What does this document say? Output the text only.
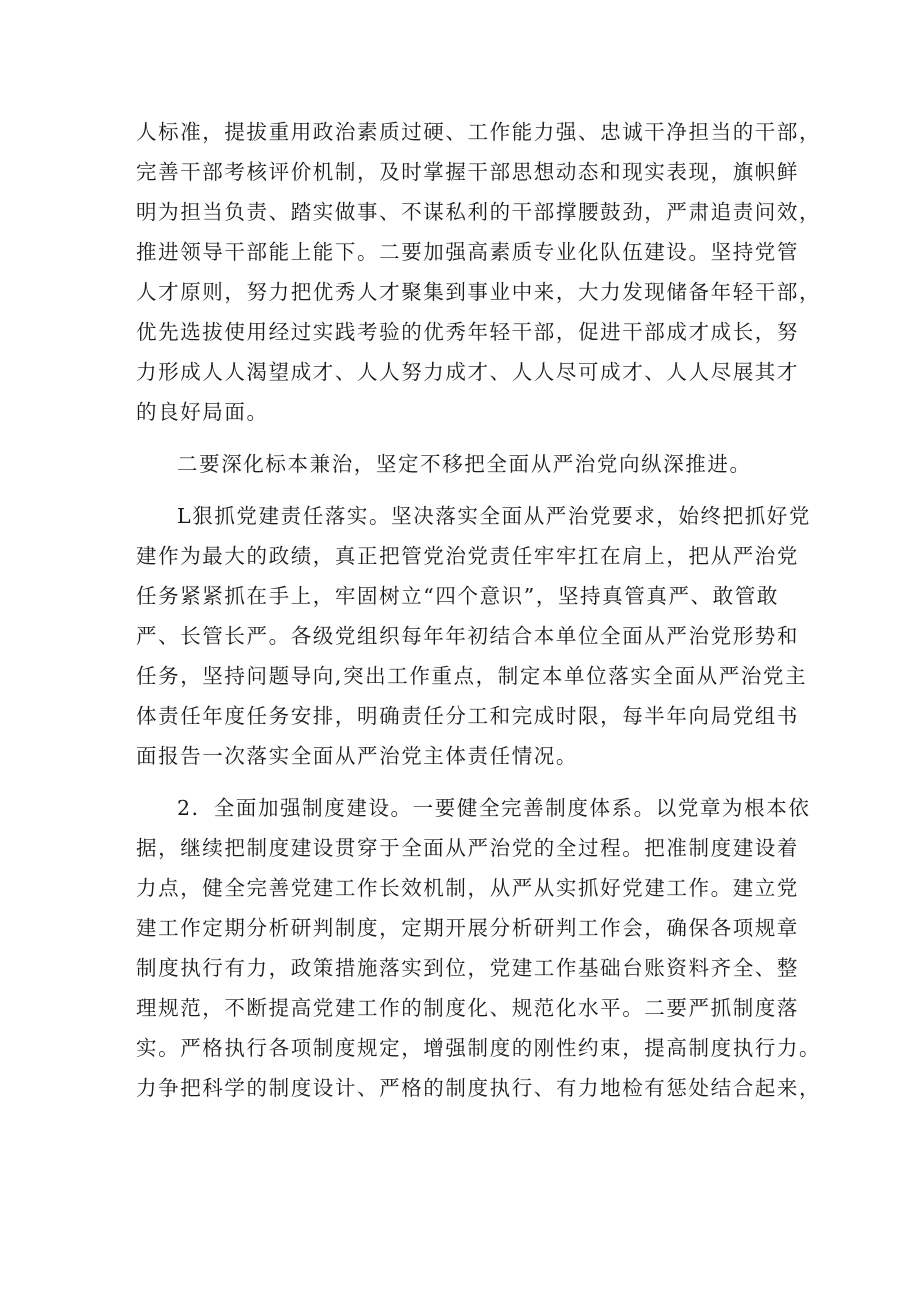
人标准，提拔重用政治素质过硬、工作能力强、忠诚干净担当的干部，
完善干部考核评价机制，及时掌握干部思想动态和现实表现，旗帜鲜
明为担当负责、踏实做事、不谋私利的干部撑腰鼓劲，严肃追责问效，
推进领导干部能上能下。二要加强高素质专业化队伍建设。坚持党管
人才原则，努力把优秀人才聚集到事业中来，大力发现储备年轻干部，
优先选拔使用经过实践考验的优秀年轻干部，促进干部成才成长，努
力形成人人渴望成才、人人努力成才、人人尽可成才、人人尽展其才
的良好局面。

二要深化标本兼治，坚定不移把全面从严治党向纵深推进。

L狠抓党建责任落实。坚决落实全面从严治党要求，始终把抓好党
建作为最大的政绩，真正把管党治党责任牢牢扛在肩上，把从严治党
任务紧紧抓在手上，牢固树立“四个意识”，坚持真管真严、敢管敢
严、长管长严。各级党组织每年年初结合本单位全面从严治党形势和
任务，坚持问题导向,突出工作重点，制定本单位落实全面从严治党主
体责任年度任务安排，明确责任分工和完成时限，每半年向局党组书
面报告一次落实全面从严治党主体责任情况。

2．全面加强制度建设。一要健全完善制度体系。以党章为根本依
据，继续把制度建设贯穿于全面从严治党的全过程。把准制度建设着
力点，健全完善党建工作长效机制，从严从实抓好党建工作。建立党
建工作定期分析研判制度，定期开展分析研判工作会，确保各项规章
制度执行有力，政策措施落实到位，党建工作基础台账资料齐全、整
理规范，不断提高党建工作的制度化、规范化水平。二要严抓制度落
实。严格执行各项制度规定，增强制度的刚性约束，提高制度执行力。
力争把科学的制度设计、严格的制度执行、有力地检有惩处结合起来，
